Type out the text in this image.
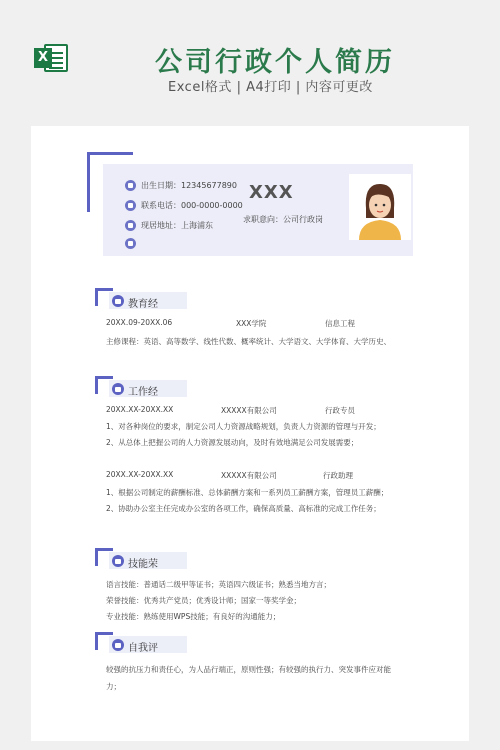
X	公司行政个人简历
Excel格式 | A4打印 | 内容可更改
出生日期：12345677890
联系电话：000-0000-0000
现居地址：上海浦东
XXX
求职意向：公司行政岗
教育经
20XX.09-20XX.06	XXX学院	信息工程
主修课程：英语、高等数学、线性代数、概率统计、大学语文、大学体育、大学历史、
工作经
20XX.XX-20XX.XX	XXXXX有限公司	行政专员
1、对各种岗位的要求，制定公司人力资源战略规划，负责人力资源的管理与开发；
2、从总体上把握公司的人力资源发展动向，及时有效地满足公司发展需要；
20XX.XX-20XX.XX	XXXXX有限公司	行政助理
1、根据公司制定的薪酬标准、总体薪酬方案和一系列员工薪酬方案，管理员工薪酬；
2、协助办公室主任完成办公室的各项工作，确保高质量、高标准的完成工作任务；
技能荣
语言技能：普通话二级甲等证书；英语四六级证书；熟悉当地方言；
荣誉技能：优秀共产党员；优秀设计师；国家一等奖学金；
专业技能：熟练使用WPS技能；有良好的沟通能力；
自我评
较强的抗压力和责任心，为人品行端正，原则性强；有较强的执行力、突发事件应对能
力；
